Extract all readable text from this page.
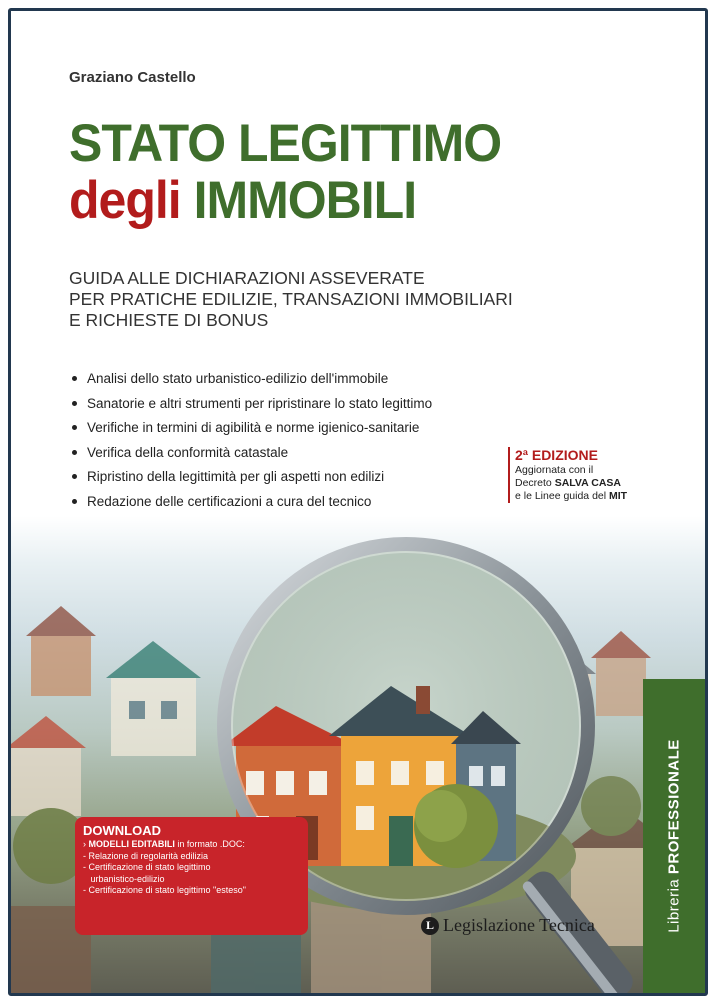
Graziano Castello
STATO LEGITTIMO
degli IMMOBILI
GUIDA ALLE DICHIARAZIONI ASSEVERATE
PER PRATICHE EDILIZIE, TRANSAZIONI IMMOBILIARI
E RICHIESTE DI BONUS
Analisi dello stato urbanistico-edilizio dell'immobile
Sanatorie e altri strumenti per ripristinare lo stato legittimo
Verifiche in termini di agibilità e norme igienico-sanitarie
Verifica della conformità catastale
Ripristino della legittimità per gli aspetti non edilizi
Redazione delle certificazioni a cura del tecnico
2ª EDIZIONE
Aggiornata con il
Decreto SALVA CASA
e le Linee guida del MIT
Libreria PROFESSIONALE
DOWNLOAD
› MODELLI EDITABILI in formato .DOC:
- Relazione di regolarità edilizia
- Certificazione di stato legittimo
urbanistico-edilizio
- Certificazione di stato legittimo "esteso"
L Legislazione Tecnica
